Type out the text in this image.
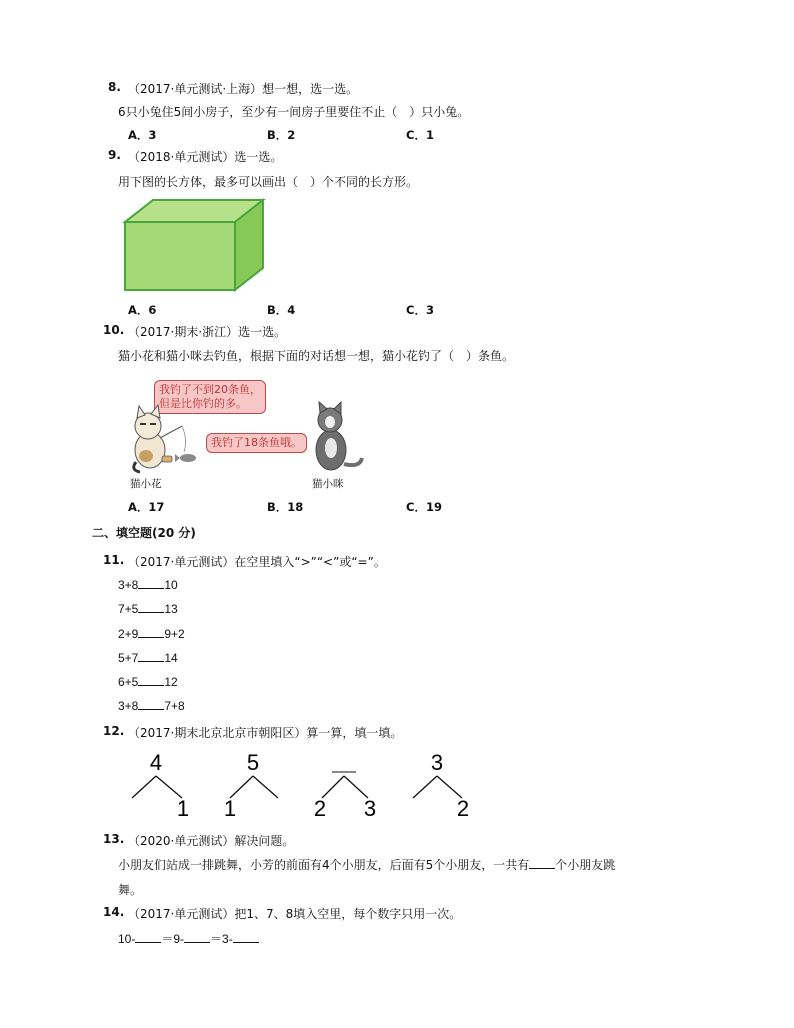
8. （2017·单元测试·上海）想一想，选一选。
6只小兔住5间小房子，至少有一间房子里要住不止（　）只小兔。
A．3	B．2	C．1
9. （2018·单元测试）选一选。
用下图的长方体，最多可以画出（　）个不同的长方形。
A．6	B．4	C．3
10. （2017·期末·浙江）选一选。
猫小花和猫小咪去钓鱼，根据下面的对话想一想，猫小花钓了（　）条鱼。
我钓了不到20条鱼，
但是比你钓的多。
我钓了18条鱼哦。
猫小花	猫小咪
A．17	B．18	C．19
二、填空题(20 分)
11. （2017·单元测试）在空里填入“>”“<”或“=”。
3+8 10
7+5 13
2+9 9+2
5+7 14
6+5 12
3+8 7+8
12. （2017·期末北京北京市朝阳区）算一算，填一填。
4
1
5
1	2 3
3
2
13. （2020·单元测试）解决问题。
小朋友们站成一排跳舞，小芳的前面有4个小朋友，后面有5个小朋友，一共有 个小朋友跳
舞。
14. （2017·单元测试）把1、7、8填入空里，每个数字只用一次。
10- ＝9- ＝3-
